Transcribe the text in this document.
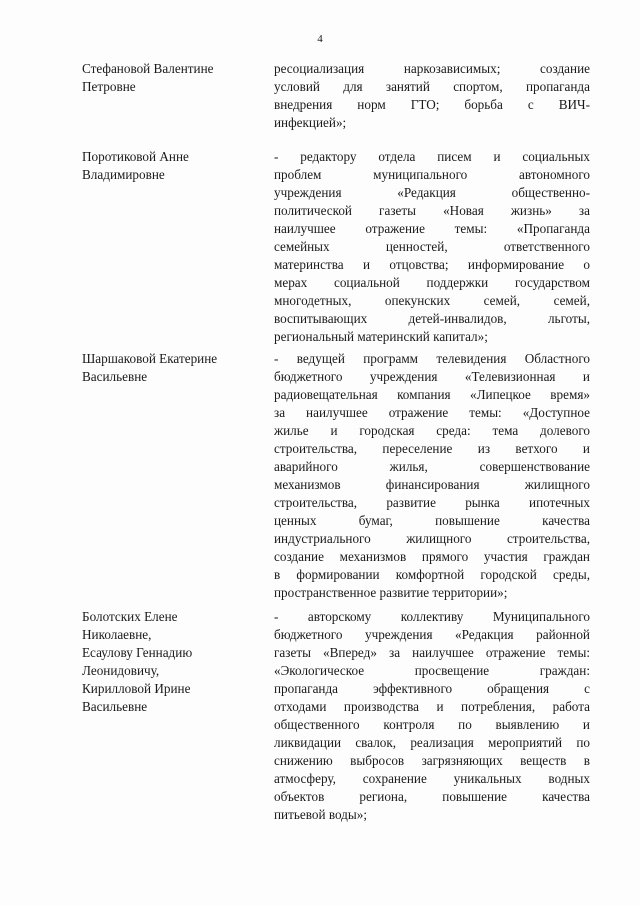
4
Стефановой Валентине
Петровне
ресоциализация наркозависимых; создание
условий для занятий спортом, пропаганда
внедрения норм ГТО; борьба с ВИЧ-
инфекцией»;
Поротиковой Анне
Владимировне
- редактору отдела писем и социальных
проблем муниципального автономного
учреждения «Редакция общественно-
политической газеты «Новая жизнь» за
наилучшее отражение темы: «Пропаганда
семейных ценностей, ответственного
материнства и отцовства; информирование о
мерах социальной поддержки государством
многодетных, опекунских семей, семей,
воспитывающих детей-инвалидов, льготы,
региональный материнский капитал»;
Шаршаковой Екатерине
Васильевне
- ведущей программ телевидения Областного
бюджетного учреждения «Телевизионная и
радиовещательная компания «Липецкое время»
за наилучшее отражение темы: «Доступное
жилье и городская среда: тема долевого
строительства, переселение из ветхого и
аварийного жилья, совершенствование
механизмов финансирования жилищного
строительства, развитие рынка ипотечных
ценных бумаг, повышение качества
индустриального жилищного строительства,
создание механизмов прямого участия граждан
в формировании комфортной городской среды,
пространственное развитие территории»;
Болотских Елене
Николаевне,
Есаулову Геннадию
Леонидовичу,
Кирилловой Ирине
Васильевне
- авторскому коллективу Муниципального
бюджетного учреждения «Редакция районной
газеты «Вперед» за наилучшее отражение темы:
«Экологическое просвещение граждан:
пропаганда эффективного обращения с
отходами производства и потребления, работа
общественного контроля по выявлению и
ликвидации свалок, реализация мероприятий по
снижению выбросов загрязняющих веществ в
атмосферу, сохранение уникальных водных
объектов региона, повышение качества
питьевой воды»;
